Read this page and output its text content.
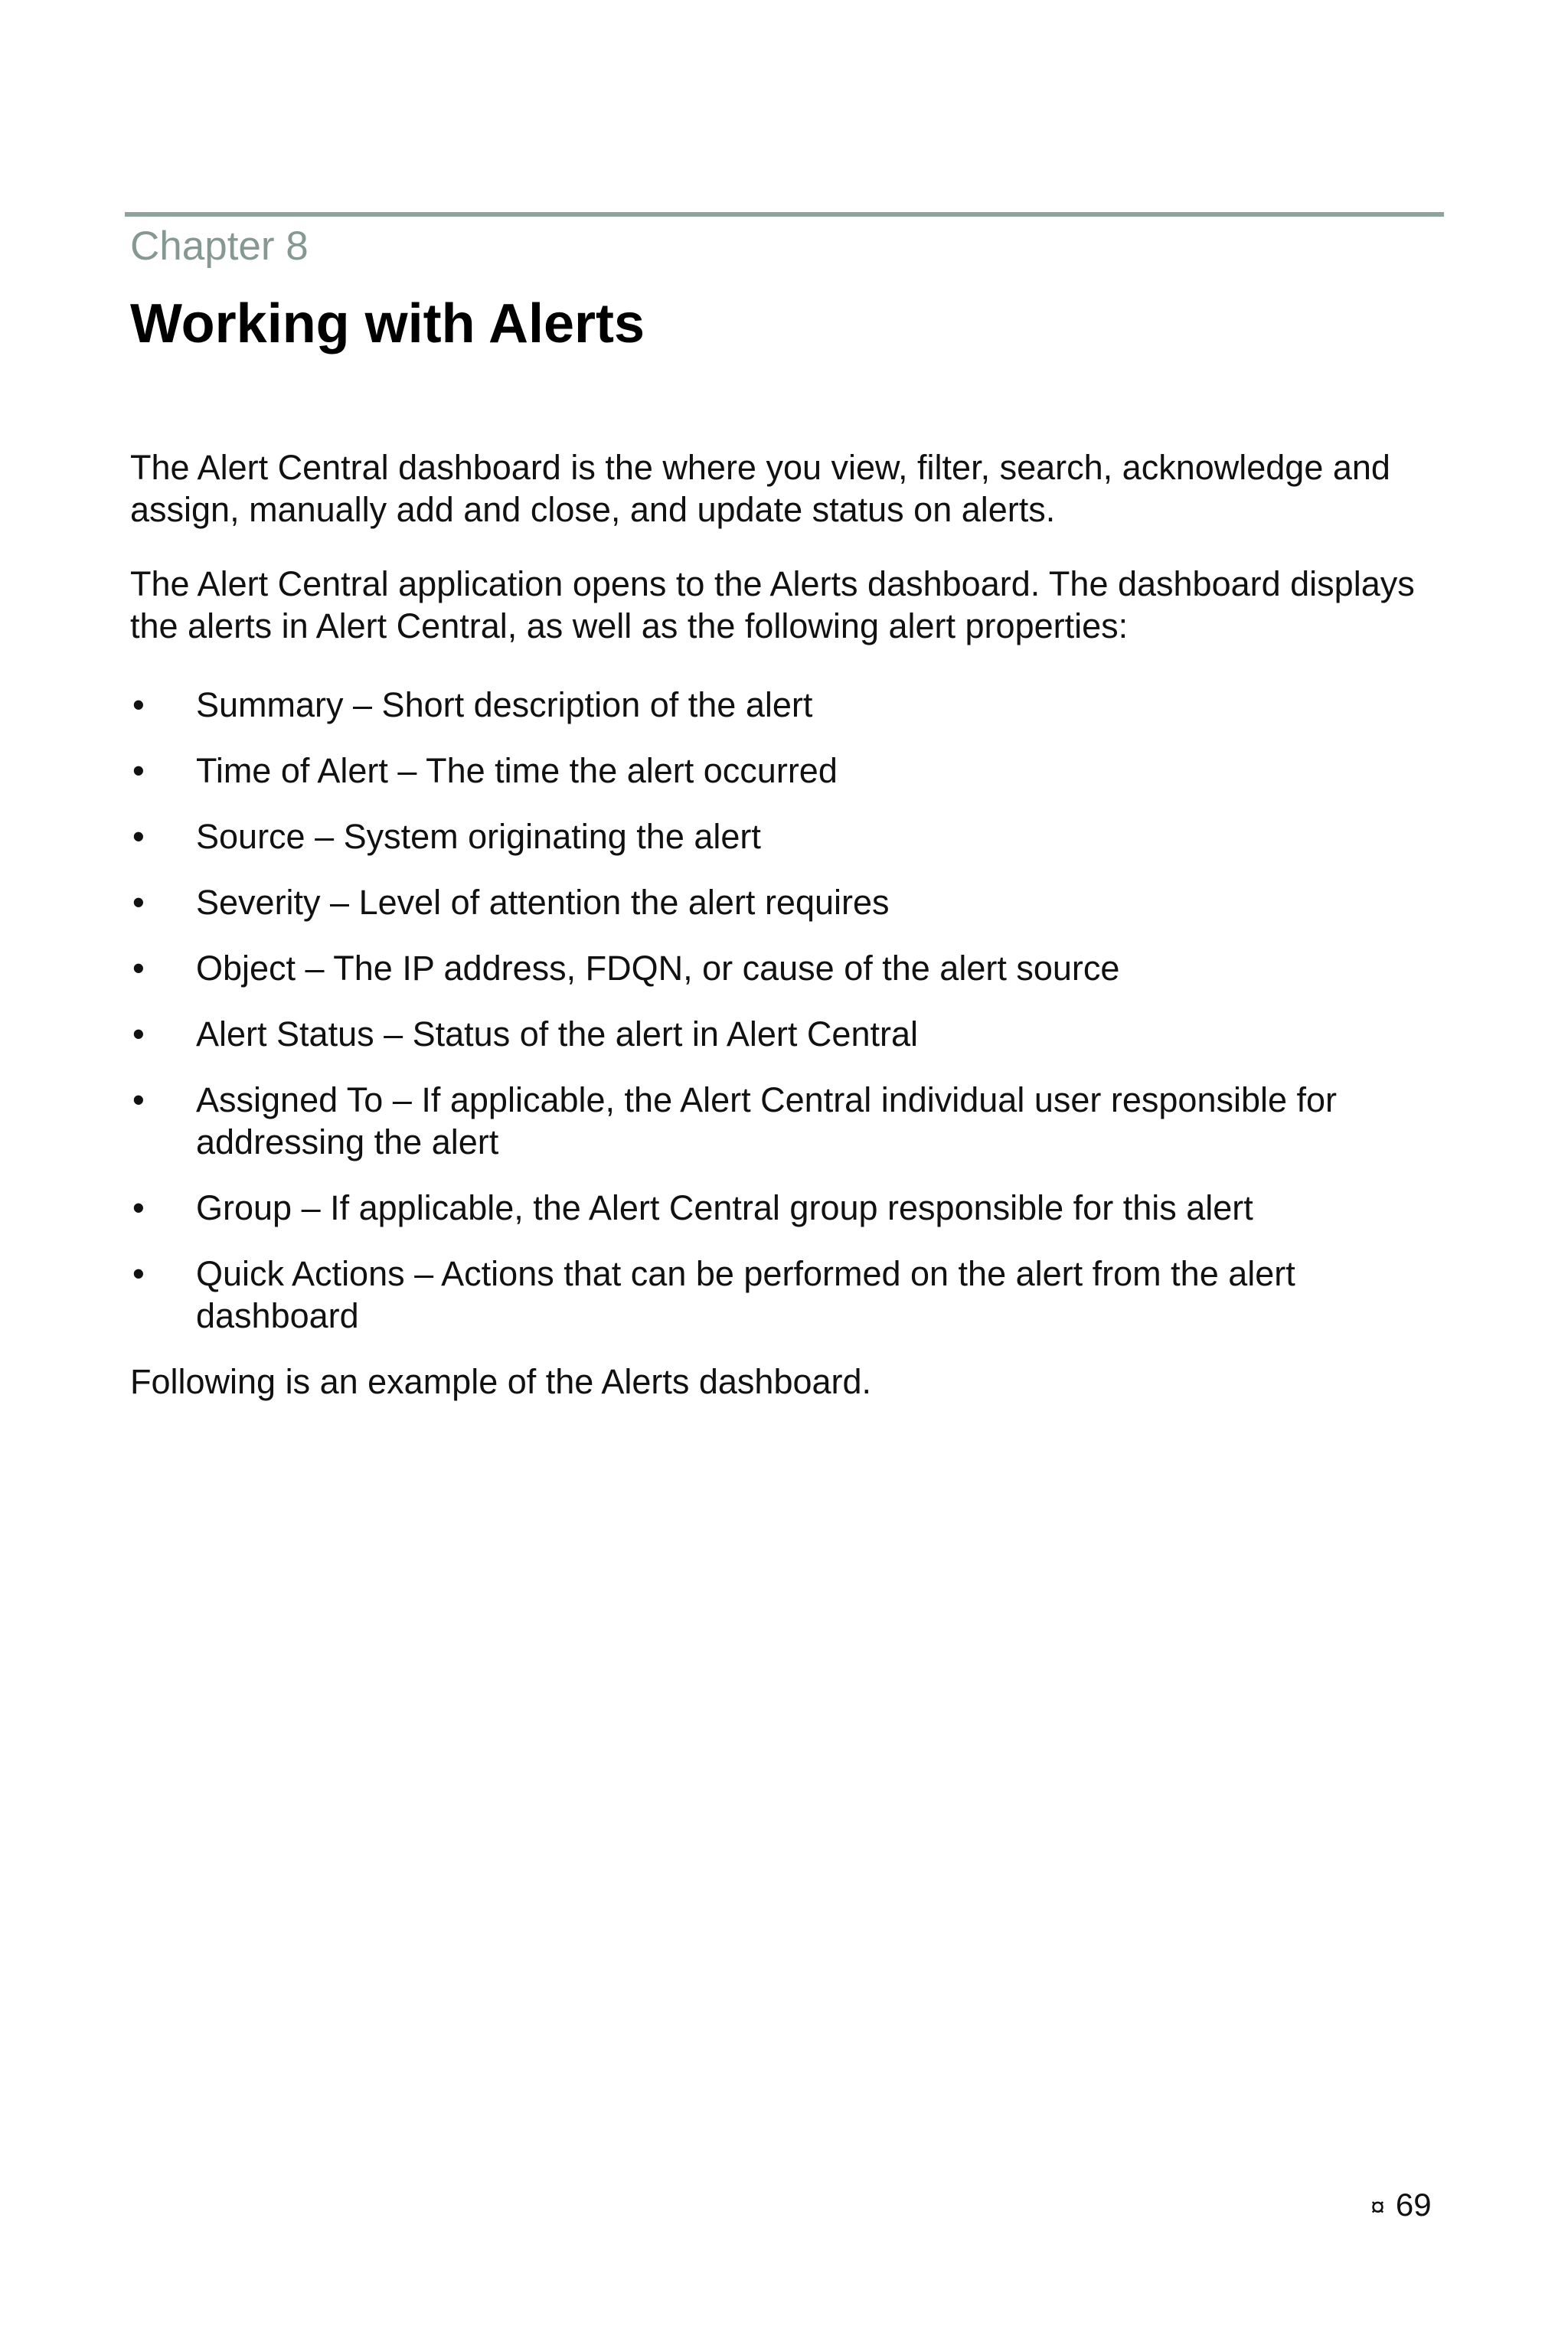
Chapter 8
Working with Alerts

The Alert Central dashboard is the where you view, filter, search, acknowledge and assign, manually add and close, and update status on alerts.

The Alert Central application opens to the Alerts dashboard. The dashboard displays the alerts in Alert Central, as well as the following alert properties:

• Summary – Short description of the alert
• Time of Alert – The time the alert occurred
• Source – System originating the alert
• Severity – Level of attention the alert requires
• Object – The IP address, FDQN, or cause of the alert source
• Alert Status – Status of the alert in Alert Central
• Assigned To – If applicable, the Alert Central individual user responsible for addressing the alert
• Group – If applicable, the Alert Central group responsible for this alert
• Quick Actions – Actions that can be performed on the alert from the alert dashboard

Following is an example of the Alerts dashboard.

¤ 69
